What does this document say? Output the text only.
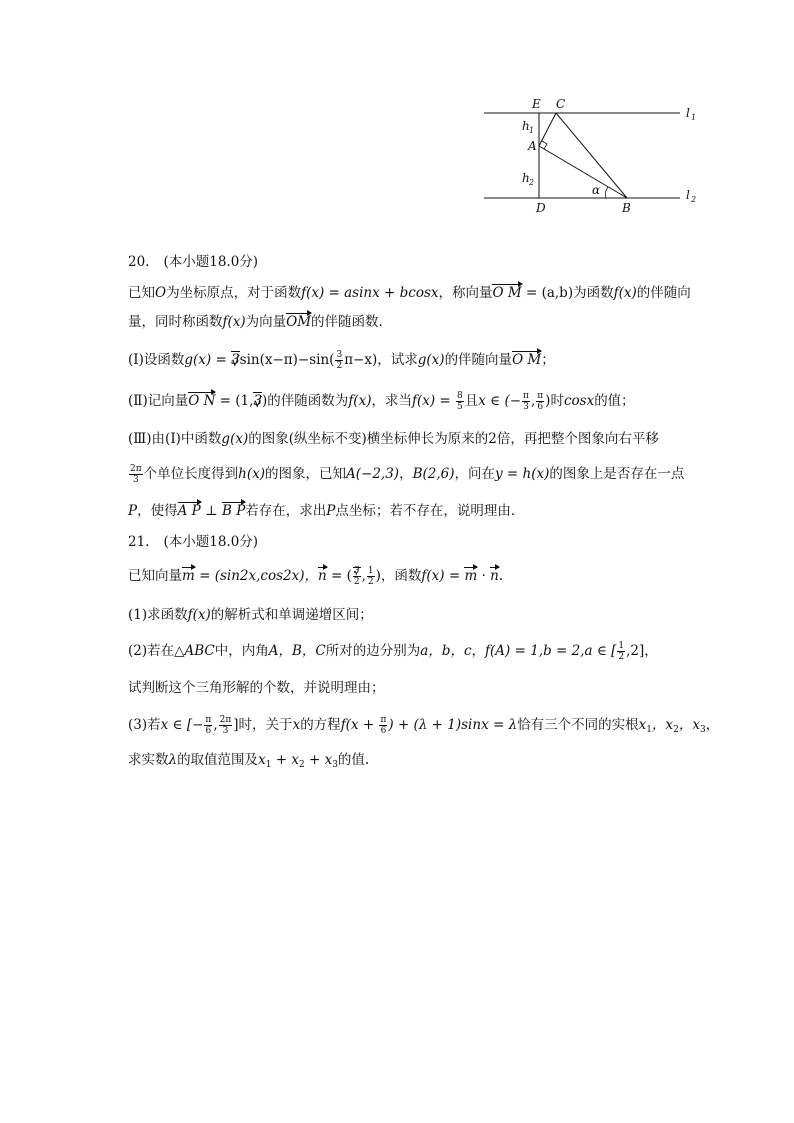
E C
A
D	B
h 1
h 2
α
l 1
l 2
20. (本小题18.0分)
已知O为坐标原点，对于函数f(x) = asinx + bcosx，称向量O M = (a,b)为函数f(x)的伴随向
量，同时称函数f(x)为向量OM的伴随函数．
(Ⅰ)设函数g(x) = √ $3\sin(x-\pi)-\sin( \frac{3}{2} \pi-x)$，试求g(x)的伴随向量O M；
(Ⅱ)记向量O N = (1,√ 3)的伴随函数为f(x)，求当$f(x) = \frac{8}{5}$ 且x ∈ (− $\frac{\pi}{3}$ , $\frac{\pi}{6}$ )时cosx的值；
(Ⅲ)由(Ⅰ)中函数g(x)的图象(纵坐标不变)横坐标伸长为原来的2倍，再把整个图象向右平移
$\frac{2\pi}{3}$ 个单位长度得到h(x)的图象，已知A(−2,3)，B(2,6)，问在y = h(x)的图象上是否存在一点
P，使得A P ⊥ B P若存在，求出P点坐标；若不存在，说明理由．
21. (本小题18.0分)
已知向量m = (sin2x,cos2x)，n = (
√ $\frac{3}{2}$ , $\frac{1}{2}$ )，函数f(x) = m · n.
(1)求函数f(x)的解析式和单调递增区间；
(2)若在△ABC中，内角A，B，C所对的边分别为a，b，c，f(A) = 1,b = 2,a ∈ [ $\frac{1}{2} ,2$]，
试判断这个三角形解的个数，并说明理由；
(3)若x ∈ [− $\frac{\pi}{6}$ , $\frac{2\pi}{3}$ ]时，关于x的方程$f(x + \frac{\pi}{6}$ ) + (λ + 1)sinx = λ恰有三个不同的实根$x_1$，$x_2$，$x_3$，
求实数λ的取值范围及$x_1 + x_2 + x_3$的值.
